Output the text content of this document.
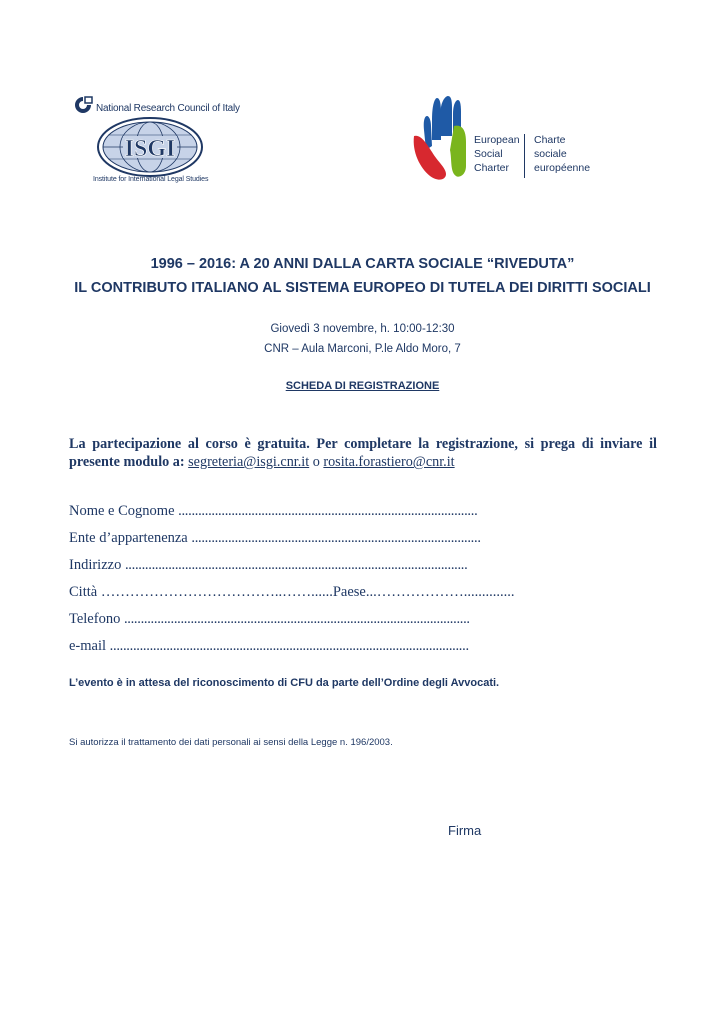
National Research Council of Italy
ISGI
Institute for International Legal Studies
European
Social
Charter
Charte
sociale
européenne
1996 – 2016: A 20 ANNI DALLA CARTA SOCIALE “RIVEDUTA”
IL CONTRIBUTO ITALIANO AL SISTEMA EUROPEO DI TUTELA DEI DIRITTI SOCIALI
Giovedì 3 novembre, h. 10:00-12:30
CNR – Aula Marconi, P.le Aldo Moro, 7
SCHEDA DI REGISTRAZIONE
La partecipazione al corso è gratuita. Per completare la registrazione, si prega di inviare il presente modulo a: segreteria@isgi.cnr.it o rosita.forastiero@cnr.it
Nome e Cognome ..........................................................................................
Ente d’appartenenza .......................................................................................
Indirizzo .......................................................................................................
Città ………………………………..……......Paese...………………..............
Telefono ........................................................................................................
e-mail ............................................................................................................
L’evento è in attesa del riconoscimento di CFU da parte dell’Ordine degli Avvocati.
Si autorizza il trattamento dei dati personali ai sensi della Legge n. 196/2003.
Firma
